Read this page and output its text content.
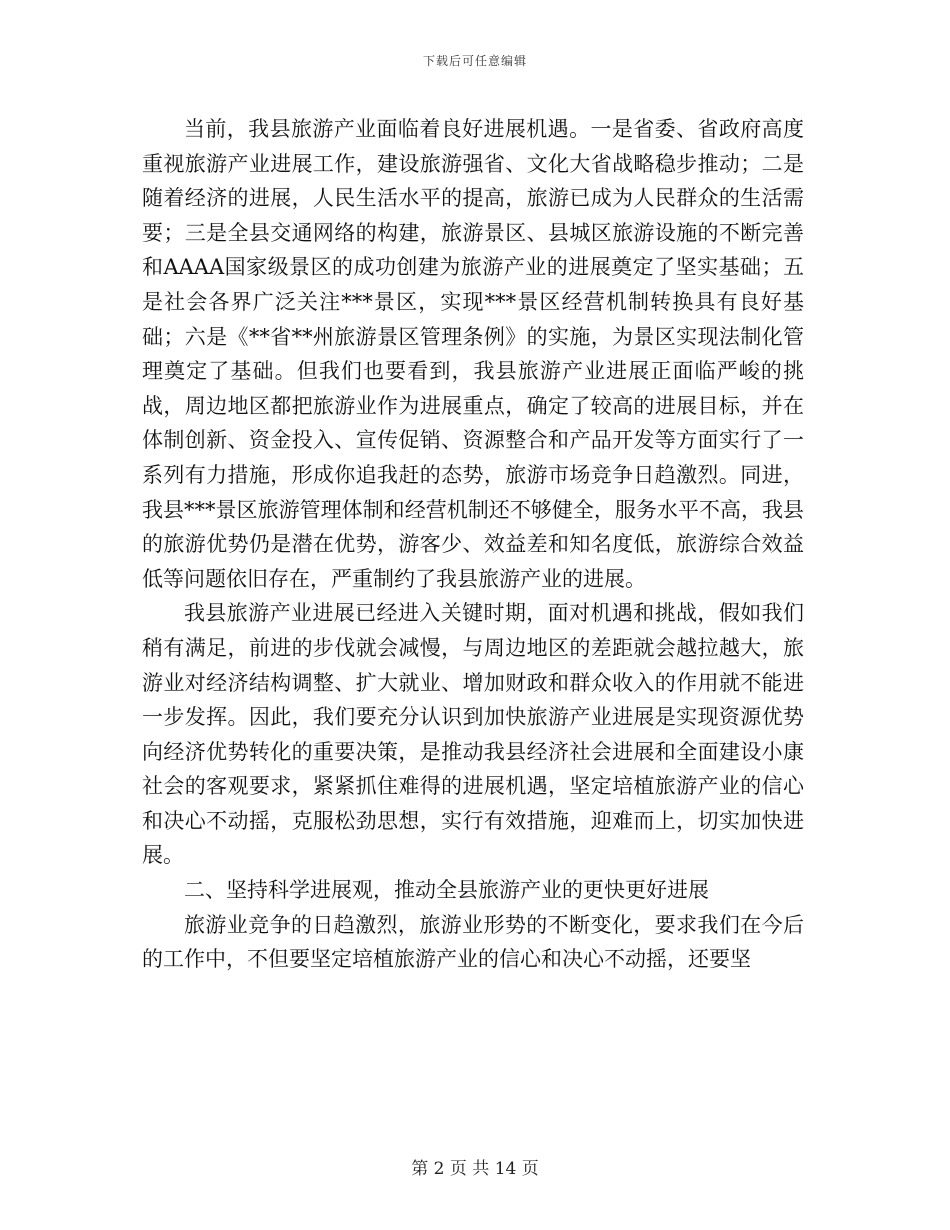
下载后可任意编辑

当前，我县旅游产业面临着良好进展机遇。一是省委、省政府高度重视旅游产业进展工作，建设旅游强省、文化大省战略稳步推动；二是随着经济的进展，人民生活水平的提高，旅游已成为人民群众的生活需要；三是全县交通网络的构建，旅游景区、县城区旅游设施的不断完善和AAAA国家级景区的成功创建为旅游产业的进展奠定了坚实基础；五是社会各界广泛关注***景区，实现***景区经营机制转换具有良好基础；六是《**省**州旅游景区管理条例》的实施，为景区实现法制化管理奠定了基础。但我们也要看到，我县旅游产业进展正面临严峻的挑战，周边地区都把旅游业作为进展重点，确定了较高的进展目标，并在体制创新、资金投入、宣传促销、资源整合和产品开发等方面实行了一系列有力措施，形成你追我赶的态势，旅游市场竞争日趋激烈。同进，我县***景区旅游管理体制和经营机制还不够健全，服务水平不高，我县的旅游优势仍是潜在优势，游客少、效益差和知名度低，旅游综合效益低等问题依旧存在，严重制约了我县旅游产业的进展。

我县旅游产业进展已经进入关键时期，面对机遇和挑战，假如我们稍有满足，前进的步伐就会减慢，与周边地区的差距就会越拉越大，旅游业对经济结构调整、扩大就业、增加财政和群众收入的作用就不能进一步发挥。因此，我们要充分认识到加快旅游产业进展是实现资源优势向经济优势转化的重要决策，是推动我县经济社会进展和全面建设小康社会的客观要求，紧紧抓住难得的进展机遇，坚定培植旅游产业的信心和决心不动摇，克服松劲思想，实行有效措施，迎难而上，切实加快进展。

二、坚持科学进展观，推动全县旅游产业的更快更好进展

旅游业竞争的日趋激烈，旅游业形势的不断变化，要求我们在今后的工作中，不但要坚定培植旅游产业的信心和决心不动摇，还要坚

第 2 页 共 14 页
